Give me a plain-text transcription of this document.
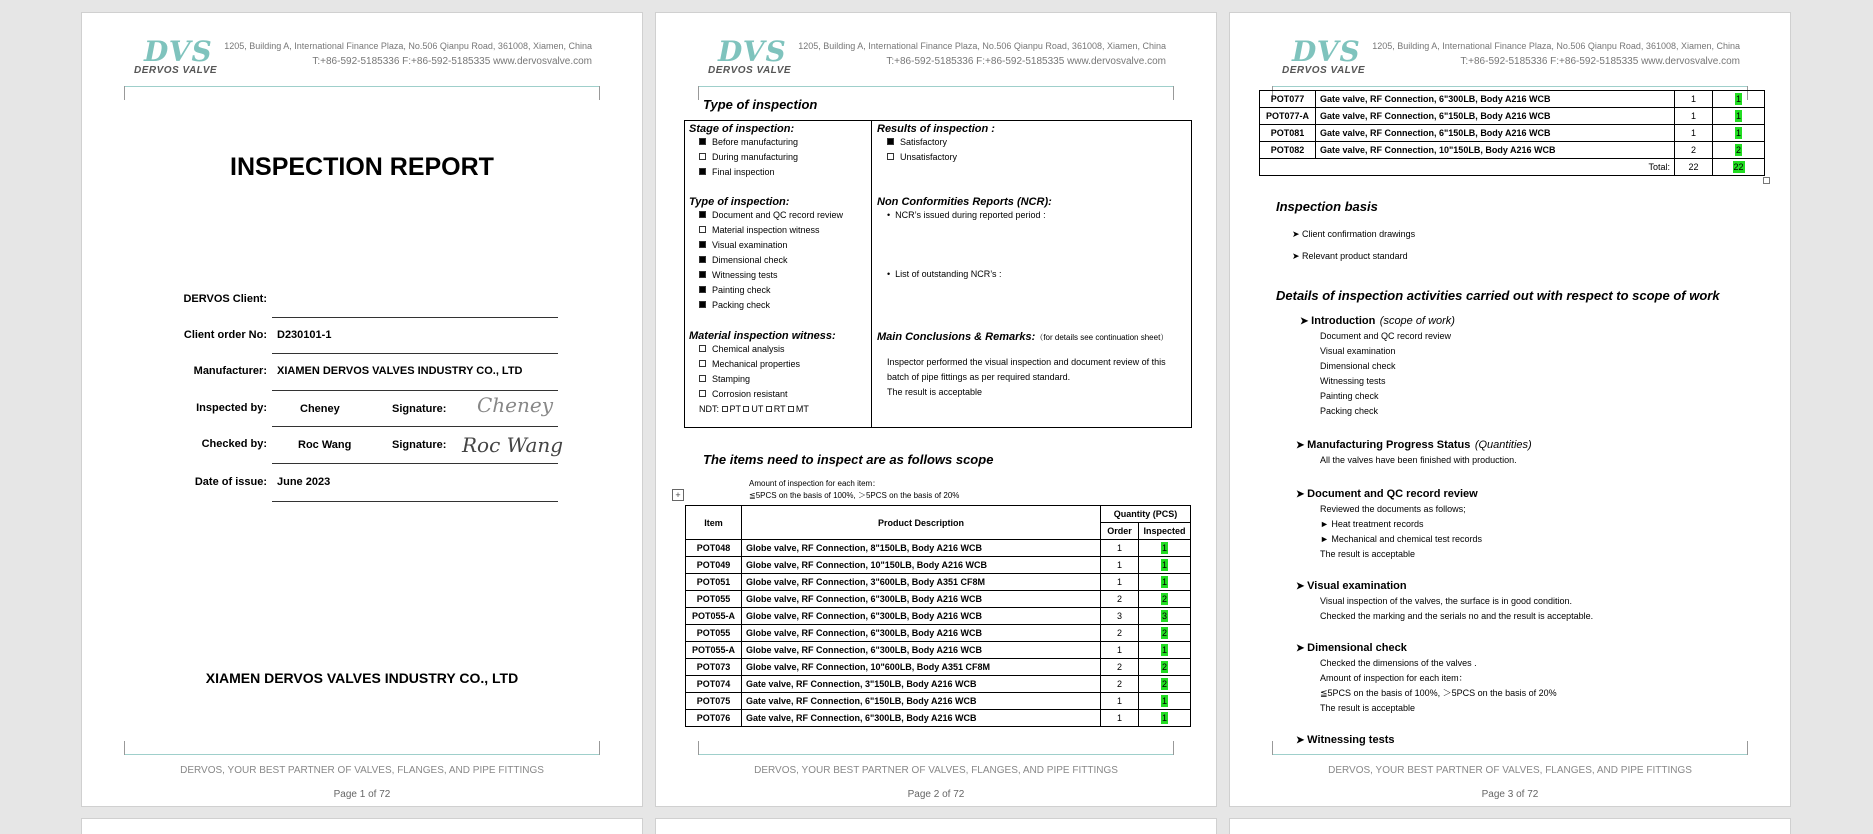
DVS
DERVOS VALVE
1205, Building A, International Finance Plaza, No.506 Qianpu Road, 361008, Xiamen, China
T:+86-592-5185336 F:+86-592-5185335 www.dervosvalve.com
INSPECTION REPORT
DERVOS Client:
Client order No: D230101-1
Manufacturer: XIAMEN DERVOS VALVES INDUSTRY CO., LTD
Inspected by:	Cheney	Signature: Cheney
Checked by:	Roc Wang	Signature: Roc Wang
Date of issue: June 2023
XIAMEN DERVOS VALVES INDUSTRY CO., LTD
DERVOS, YOUR BEST PARTNER OF VALVES, FLANGES, AND PIPE FITTINGS
Page 1 of 72
DVS
DERVOS VALVE
1205, Building A, International Finance Plaza, No.506 Qianpu Road, 361008, Xiamen, China
T:+86-592-5185336 F:+86-592-5185335 www.dervosvalve.com
Type of inspection
Stage of inspection:
Before manufacturing
During manufacturing
Final inspection
Type of inspection:
Document and QC record review
Material inspection witness
Visual examination
Dimensional check
Witnessing tests
Painting check
Packing check
Material inspection witness:
Chemical analysis
Mechanical properties
Stamping
Corrosion resistant
NDT: PT UT RT MT
Results of inspection :
Satisfactory
Unsatisfactory
Non Conformities Reports (NCR):
•  NCR’s issued during reported period :
•  List of outstanding NCR’s :
Main Conclusions & Remarks:（for details see continuation sheet）
Inspector performed the visual inspection and document review of this batch of pipe fittings as per required standard.
The result is acceptable
The items need to inspect are as follows scope
Amount of inspection for each item：
≦5PCS on the basis of 100%, ＞5PCS on the basis of 20%
+
Item	Product Description	Quantity (PCS)	
		Order	Inspected
POT048	Globe valve, RF Connection, 8"150LB, Body A216 WCB	1	1
POT049	Globe valve, RF Connection, 10"150LB, Body A216 WCB	1	1
POT051	Globe valve, RF Connection, 3"600LB, Body A351 CF8M	1	1
POT055	Globe valve, RF Connection, 6"300LB, Body A216 WCB	2	2
POT055-A	Globe valve, RF Connection, 6"300LB, Body A216 WCB	3	3
POT055	Globe valve, RF Connection, 6"300LB, Body A216 WCB	2	2
POT055-A	Globe valve, RF Connection, 6"300LB, Body A216 WCB	1	1
POT073	Globe valve, RF Connection, 10"600LB, Body A351 CF8M	2	2
POT074	Gate valve, RF Connection, 3"150LB, Body A216 WCB	2	2
POT075	Gate valve, RF Connection, 6"150LB, Body A216 WCB	1	1
POT076	Gate valve, RF Connection, 6"300LB, Body A216 WCB	1	1
DERVOS, YOUR BEST PARTNER OF VALVES, FLANGES, AND PIPE FITTINGS
Page 2 of 72
DVS
DERVOS VALVE
1205, Building A, International Finance Plaza, No.506 Qianpu Road, 361008, Xiamen, China
T:+86-592-5185336 F:+86-592-5185335 www.dervosvalve.com
POT077	Gate valve, RF Connection, 6"300LB, Body A216 WCB	1	1
POT077-A	Gate valve, RF Connection, 6"150LB, Body A216 WCB	1	1
POT081	Gate valve, RF Connection, 6"150LB, Body A216 WCB	1	1
POT082	Gate valve, RF Connection, 10"150LB, Body A216 WCB	2	2
Total:		22	22
Inspection basis
➤ Client confirmation drawings
➤ Relevant product standard
Details of inspection activities carried out with respect to scope of work
➤ Introduction (scope of work)
Document and QC record review
Visual examination
Dimensional check
Witnessing tests
Painting check
Packing check
➤ Manufacturing Progress Status (Quantities)
All the valves have been finished with production.
➤ Document and QC record review
Reviewed the documents as follows;
► Heat treatment records
► Mechanical and chemical test records
The result is acceptable
➤ Visual examination
Visual inspection of the valves, the surface is in good condition.
Checked the marking and the serials no and the result is acceptable.
➤ Dimensional check
Checked the dimensions of the valves .
Amount of inspection for each item：
≦5PCS on the basis of 100%, ＞5PCS on the basis of 20%
The result is acceptable
➤ Witnessing tests
DERVOS, YOUR BEST PARTNER OF VALVES, FLANGES, AND PIPE FITTINGS
Page 3 of 72
